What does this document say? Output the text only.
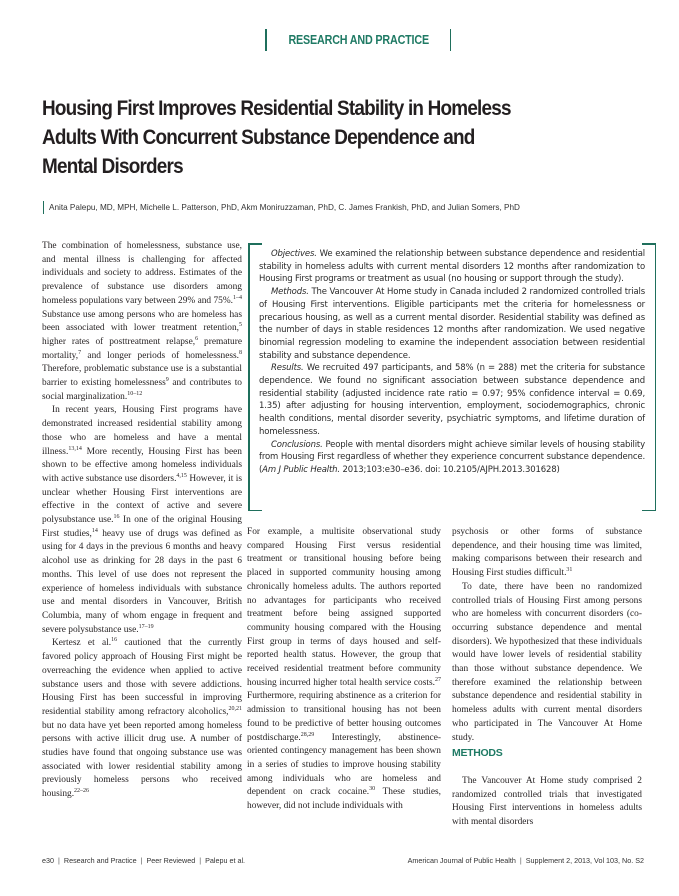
RESEARCH AND PRACTICE
Housing First Improves Residential Stability in Homeless
Adults With Concurrent Substance Dependence and
Mental Disorders
Anita Palepu, MD, MPH, Michelle L. Patterson, PhD, Akm Moniruzzaman, PhD, C. James Frankish, PhD, and Julian Somers, PhD

The combination of homelessness, substance use, and mental illness is challenging for affected individuals and society to address. Estimates of the prevalence of substance use disorders among homeless populations vary between 29% and 75%.$^{1-4}$ Substance use among persons who are homeless has been associated with lower treatment retention,$^5$ higher rates of posttreatment relapse,$^6$ premature mortality,$^7$ and longer periods of homelessness.$^8$ Therefore, problematic substance use is a substantial barrier to existing homelessness$^9$ and contributes to social marginalization.$^{10-12}$

In recent years, Housing First programs have demonstrated increased residential stability among those who are homeless and have a mental illness.$^{13,14}$ More recently, Housing First has been shown to be effective among homeless individuals with active substance use disorders.$^{4,15}$ However, it is unclear whether Housing First interventions are effective in the context of active and severe polysubstance use.$^{16}$ In one of the original Housing First studies,$^{14}$ heavy use of drugs was defined as using for 4 days in the previous 6 months and heavy alcohol use as drinking for 28 days in the past 6 months. This level of use does not represent the experience of homeless individuals with substance use and mental disorders in Vancouver, British Columbia, many of whom engage in frequent and severe polysubstance use.$^{17-19}$

Kertesz et al.$^{16}$ cautioned that the currently favored policy approach of Housing First might be overreaching the evidence when applied to active substance users and those with severe addictions. Housing First has been successful in improving residential stability among refractory alcoholics,$^{20,21}$ but no data have yet been reported among homeless persons with active illicit drug use. A number of studies have found that ongoing substance use was associated with lower residential stability among previously homeless persons who received housing.$^{22-26}$

Objectives. We examined the relationship between substance dependence and residential stability in homeless adults with current mental disorders 12 months after randomization to Housing First programs or treatment as usual (no housing or support through the study).

Methods. The Vancouver At Home study in Canada included 2 randomized controlled trials of Housing First interventions. Eligible participants met the criteria for homelessness or precarious housing, as well as a current mental disorder. Residential stability was defined as the number of days in stable residences 12 months after randomization. We used negative binomial regression modeling to examine the independent association between residential stability and substance dependence.

Results. We recruited 497 participants, and 58% (n = 288) met the criteria for substance dependence. We found no significant association between substance dependence and residential stability (adjusted incidence rate ratio = 0.97; 95% confidence interval = 0.69, 1.35) after adjusting for housing intervention, employment, sociodemographics, chronic health conditions, mental disorder severity, psychiatric symptoms, and lifetime duration of homelessness.

Conclusions. People with mental disorders might achieve similar levels of housing stability from Housing First regardless of whether they experience concurrent substance dependence. (Am J Public Health. 2013;103:e30–e36. doi: 10.2105/AJPH.2013.301628)

For example, a multisite observational study compared Housing First versus residential treatment or transitional housing before being placed in supported community housing among chronically homeless adults. The authors reported no advantages for participants who received treatment before being assigned supported community housing compared with the Housing First group in terms of days housed and self-reported health status. However, the group that received residential treatment before community housing incurred higher total health service costs.$^{27}$ Furthermore, requiring abstinence as a criterion for admission to transitional housing has not been found to be predictive of better housing outcomes postdischarge.$^{28,29}$ Interestingly, abstinence-oriented contingency management has been shown in a series of studies to improve housing stability among individuals who are homeless and dependent on crack cocaine.$^{30}$ These studies, however, did not include individuals with

psychosis or other forms of substance dependence, and their housing time was limited, making comparisons between their research and Housing First studies difficult.$^{31}$

To date, there have been no randomized controlled trials of Housing First among persons who are homeless with concurrent disorders (co-occurring substance dependence and mental disorders). We hypothesized that these individuals would have lower levels of residential stability than those without substance dependence. We therefore examined the relationship between substance dependence and residential stability in homeless adults with current mental disorders who participated in The Vancouver At Home study.

METHODS

The Vancouver At Home study comprised 2 randomized controlled trials that investigated Housing First interventions in homeless adults with mental disorders

e30 | Research and Practice | Peer Reviewed | Palepu et al.	American Journal of Public Health | Supplement 2, 2013, Vol 103, No. S2
